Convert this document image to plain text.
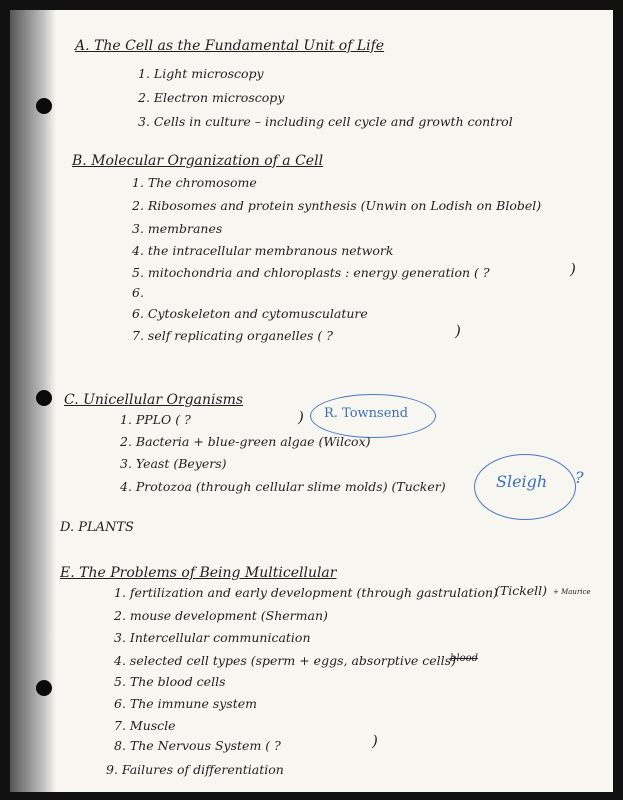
A. The Cell as the Fundamental Unit of Life
1. Light microscopy
2. Electron microscopy
3. Cells in culture – including cell cycle and growth control
B. Molecular Organization of a Cell
1. The chromosome
2. Ribosomes and protein synthesis (Unwin on Lodish on Blobel)
3. membranes
4. the intracellular membranous network
5. mitochondria and chloroplasts : energy generation ( ?	)
6.
6. Cytoskeleton and cytomusculature
7. self replicating organelles ( ?	)
C. Unicellular Organisms
1. PPLO ( ?	) R. Townsend
2. Bacteria + blue-green algae (Wilcox)
3. Yeast (Beyers)
4. Protozoa (through cellular slime molds) (Tucker)	Sleigh ?
D. PLANTS
E. The Problems of Being Multicellular
1. fertilization and early development (through gastrulation)
(Tickell) + Maurice
2. mouse development (Sherman)
3. Intercellular communication
4. selected cell types (sperm + eggs, absorptive cells)
blood
5. The blood cells
6. The immune system
7. Muscle
8. The Nervous System ( ?	)
9. Failures of differentiation
